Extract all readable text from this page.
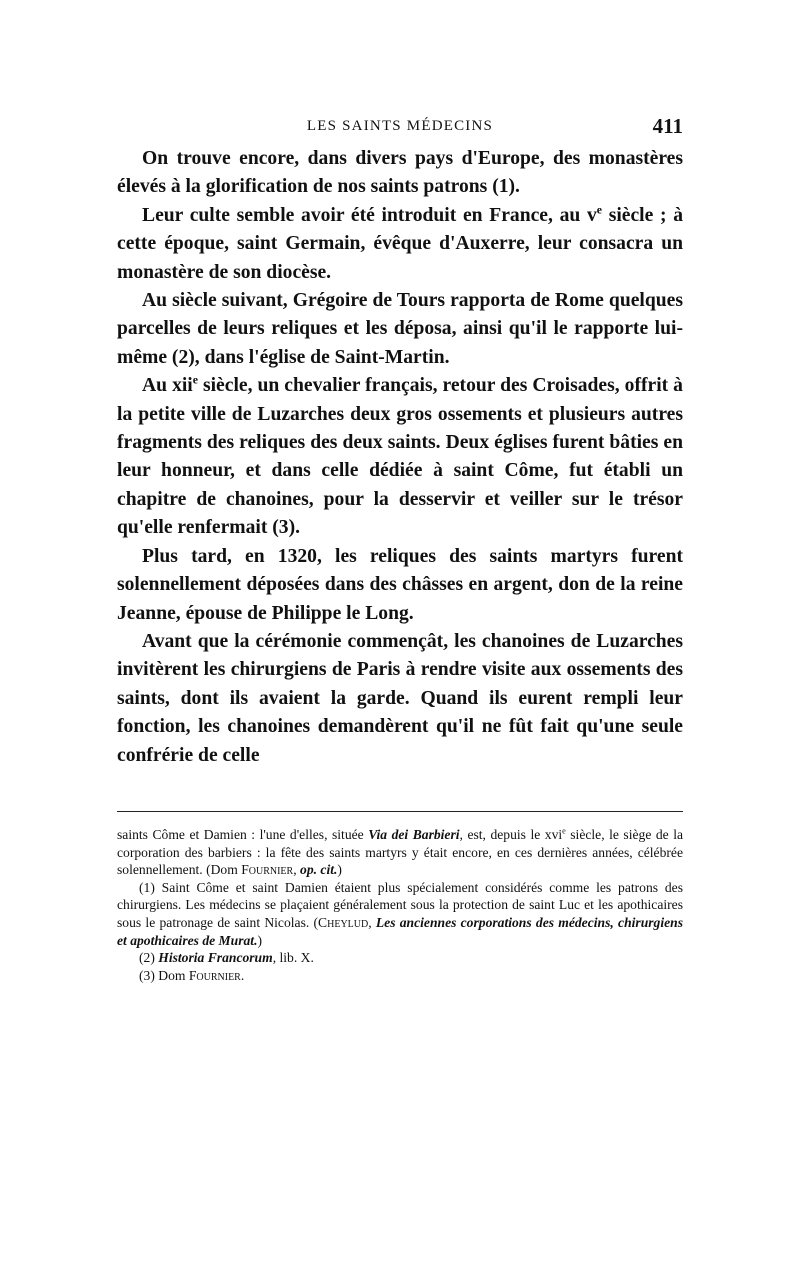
LES SAINTS MÉDECINS	411

On trouve encore, dans divers pays d'Europe, des monastères élevés à la glorification de nos saints patrons (1).

Leur culte semble avoir été introduit en France, au $v^e$ siècle ; à cette époque, saint Germain, évêque d'Auxerre, leur consacra un monastère de son diocèse.

Au siècle suivant, Grégoire de Tours rapporta de Rome quelques parcelles de leurs reliques et les déposa, ainsi qu'il le rapporte lui-même (2), dans l'église de Saint-Martin.

Au xii$^e$ siècle, un chevalier français, retour des Croisades, offrit à la petite ville de Luzarches deux gros ossements et plusieurs autres fragments des reliques des deux saints. Deux églises furent bâties en leur honneur, et dans celle dédiée à saint Côme, fut établi un chapitre de chanoines, pour la desservir et veiller sur le trésor qu'elle renfermait (3).

Plus tard, en 1320, les reliques des saints martyrs furent solennellement déposées dans des châsses en argent, don de la reine Jeanne, épouse de Philippe le Long.

Avant que la cérémonie commençât, les chanoines de Luzarches invitèrent les chirurgiens de Paris à rendre visite aux ossements des saints, dont ils avaient la garde. Quand ils eurent rempli leur fonction, les chanoines demandèrent qu'il ne fût fait qu'une seule confrérie de celle

saints Côme et Damien : l'une d'elles, située Via dei Barbieri, est, depuis le xvi$^e$ siècle, le siège de la corporation des barbiers : la fête des saints martyrs y était encore, en ces dernières années, célébrée solennellement. (Dom Fournier, op. cit.)

(1) Saint Côme et saint Damien étaient plus spécialement considérés comme les patrons des chirurgiens. Les médecins se plaçaient généralement sous la protection de saint Luc et les apothicaires sous le patronage de saint Nicolas. (Cheylud, Les anciennes corporations des médecins, chirurgiens et apothicaires de Murat.)

(2) Historia Francorum, lib. X.

(3) Dom Fournier.
